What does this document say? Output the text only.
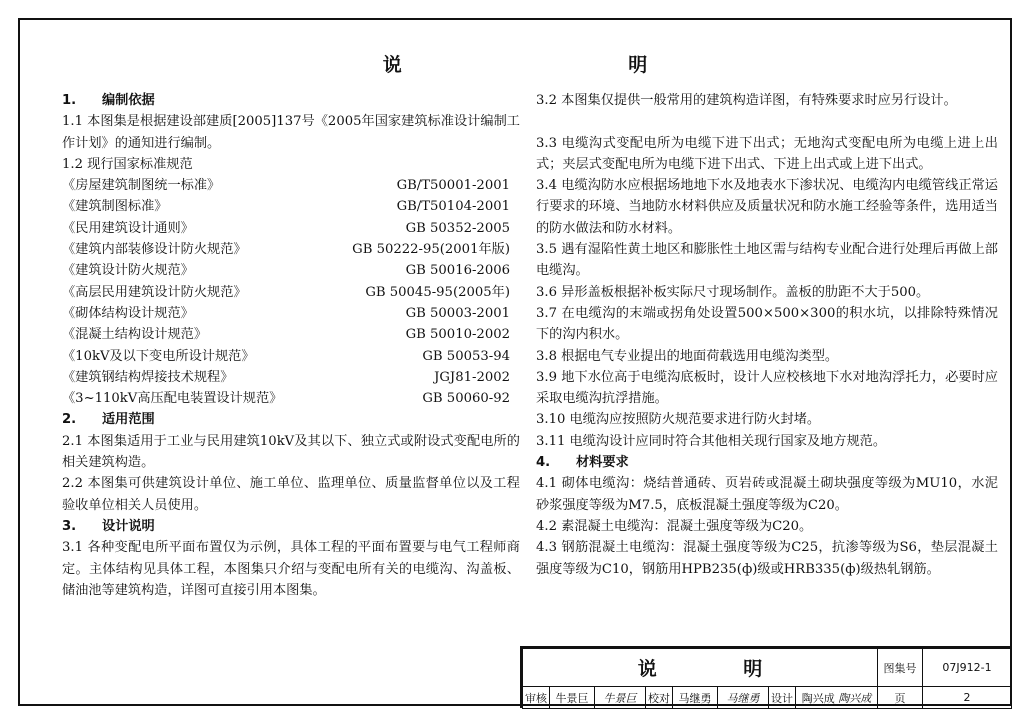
说 明
1. 编制依据
1.1 本图集是根据建设部建质[2005]137号《2005年国家建筑标准设计编制工作计划》的通知进行编制。
1.2 现行国家标准规范
《房屋建筑制图统一标准》	GB/T50001-2001
《建筑制图标准》	GB/T50104-2001
《民用建筑设计通则》	GB 50352-2005
《建筑内部装修设计防火规范》	GB 50222-95(2001年版)
《建筑设计防火规范》	GB 50016-2006
《高层民用建筑设计防火规范》	GB 50045-95(2005年)
《砌体结构设计规范》	GB 50003-2001
《混凝土结构设计规范》	GB 50010-2002
《10kV及以下变电所设计规范》	GB 50053-94
《建筑钢结构焊接技术规程》	JGJ81-2002
《3~110kV高压配电装置设计规范》	GB 50060-92
2. 适用范围
2.1 本图集适用于工业与民用建筑10kV及其以下、独立式或附设式变配电所的相关建筑构造。
2.2 本图集可供建筑设计单位、施工单位、监理单位、质量监督单位以及工程验收单位相关人员使用。
3. 设计说明
3.1 各种变配电所平面布置仅为示例，具体工程的平面布置要与电气工程师商定。主体结构见具体工程，本图集只介绍与变配电所有关的电缆沟、沟盖板、储油池等建筑构造，详图可直接引用本图集。
3.2 本图集仅提供一般常用的建筑构造详图，有特殊要求时应另行设计。
3.3 电缆沟式变配电所为电缆下进下出式；无地沟式变配电所为电缆上进上出式；夹层式变配电所为电缆下进下出式、下进上出式或上进下出式。
3.4 电缆沟防水应根据场地地下水及地表水下渗状况、电缆沟内电缆管线正常运行要求的环境、当地防水材料供应及质量状况和防水施工经验等条件，选用适当的防水做法和防水材料。
3.5 遇有湿陷性黄土地区和膨胀性土地区需与结构专业配合进行处理后再做上部电缆沟。
3.6 异形盖板根据补板实际尺寸现场制作。盖板的肋距不大于500。
3.7 在电缆沟的末端或拐角处设置500×500×300的积水坑，以排除特殊情况下的沟内积水。
3.8 根据电气专业提出的地面荷载选用电缆沟类型。
3.9 地下水位高于电缆沟底板时，设计人应校核地下水对地沟浮托力，必要时应采取电缆沟抗浮措施。
3.10 电缆沟应按照防火规范要求进行防火封堵。
3.11 电缆沟设计应同时符合其他相关现行国家及地方规范。
4. 材料要求
4.1 砌体电缆沟：烧结普通砖、页岩砖或混凝土砌块强度等级为MU10，水泥砂浆强度等级为M7.5，底板混凝土强度等级为C20。
4.2 素混凝土电缆沟：混凝土强度等级为C20。
4.3 钢筋混凝土电缆沟：混凝土强度等级为C25，抗渗等级为S6，垫层混凝土强度等级为C10，钢筋用HPB235(ф)级或HRB335(ф)级热轧钢筋。
说 明								图集号	07J912-1
审核	牛景巨	牛景巨	校对	马继勇	马继勇	设计	陶兴成 陶兴成	页	2
